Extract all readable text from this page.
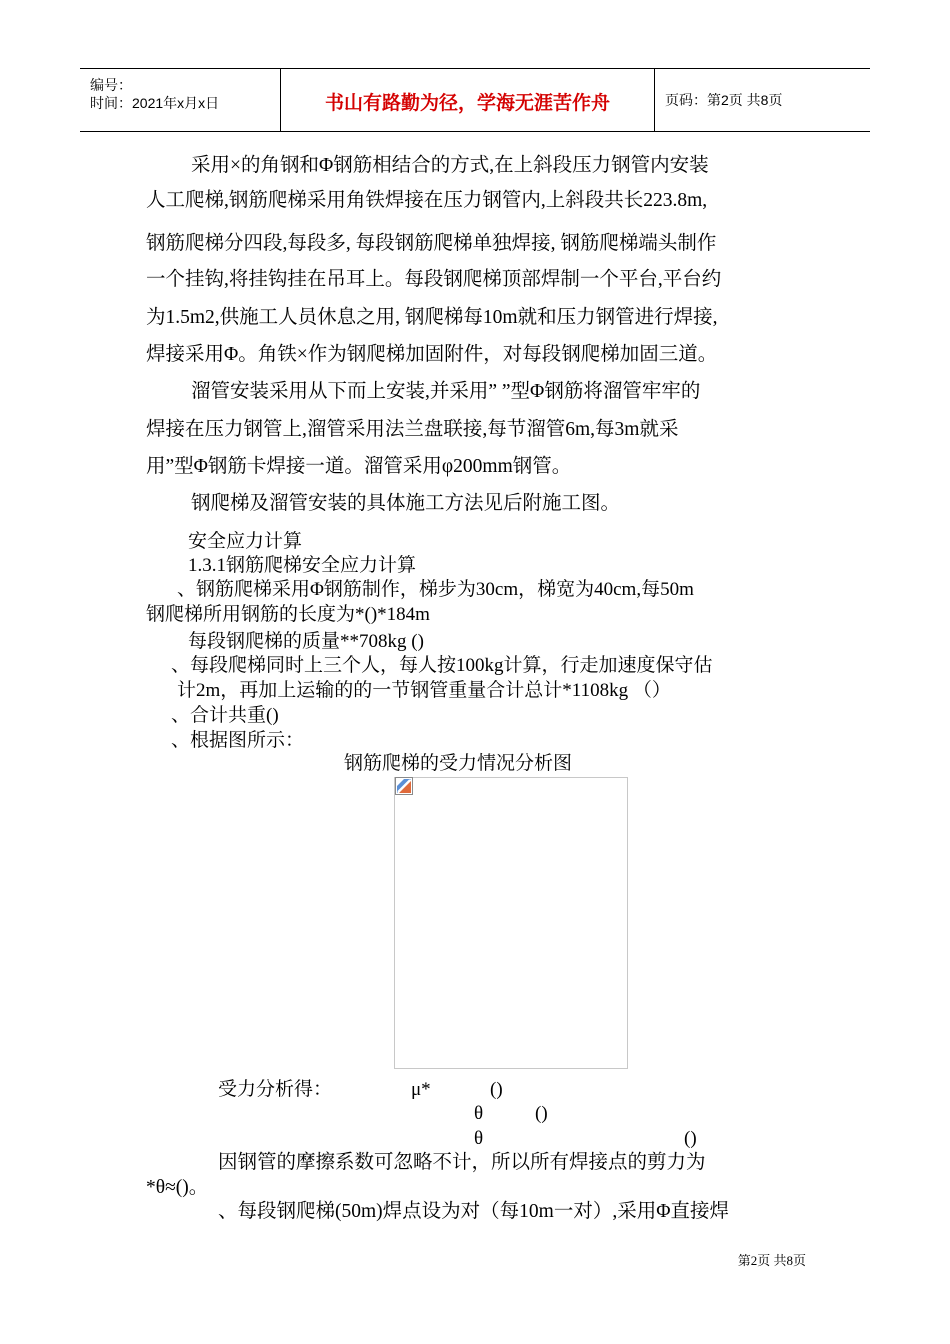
编号：
时间：2021年x月x日	书山有路勤为径，学海无涯苦作舟	页码：第2页 共8页
采用×的角钢和Φ钢筋相结合的方式,在上斜段压力钢管内安装
人工爬梯,钢筋爬梯采用角铁焊接在压力钢管内,上斜段共长223.8m,
钢筋爬梯分四段,每段多, 每段钢筋爬梯单独焊接, 钢筋爬梯端头制作
一个挂钩,将挂钩挂在吊耳上。每段钢爬梯顶部焊制一个平台,平台约
为1.5m2,供施工人员休息之用, 钢爬梯每10m就和压力钢管进行焊接,
焊接采用Φ。角铁×作为钢爬梯加固附件，对每段钢爬梯加固三道。
溜管安装采用从下而上安装,并采用” ”型Φ钢筋将溜管牢牢的
焊接在压力钢管上,溜管采用法兰盘联接,每节溜管6m,每3m就采
用”型Φ钢筋卡焊接一道。溜管采用φ200mm钢管。
钢爬梯及溜管安装的具体施工方法见后附施工图。
安全应力计算
1.3.1钢筋爬梯安全应力计算
、钢筋爬梯采用Φ钢筋制作，梯步为30cm，梯宽为40cm,每50m
钢爬梯所用钢筋的长度为*()*184m
每段钢爬梯的质量**708kg ()
、每段爬梯同时上三个人，每人按100kg计算，行走加速度保守估
计2m，再加上运输的的一节钢管重量合计总计*1108kg （）
、合计共重()
、根据图所示：
钢筋爬梯的受力情况分析图
受力分析得：	μ*	()
θ	()
θ	()
因钢管的摩擦系数可忽略不计，所以所有焊接点的剪力为
*θ≈()。
、每段钢爬梯(50m)焊点设为对（每10m一对）,采用Φ直接焊
第2页 共8页
